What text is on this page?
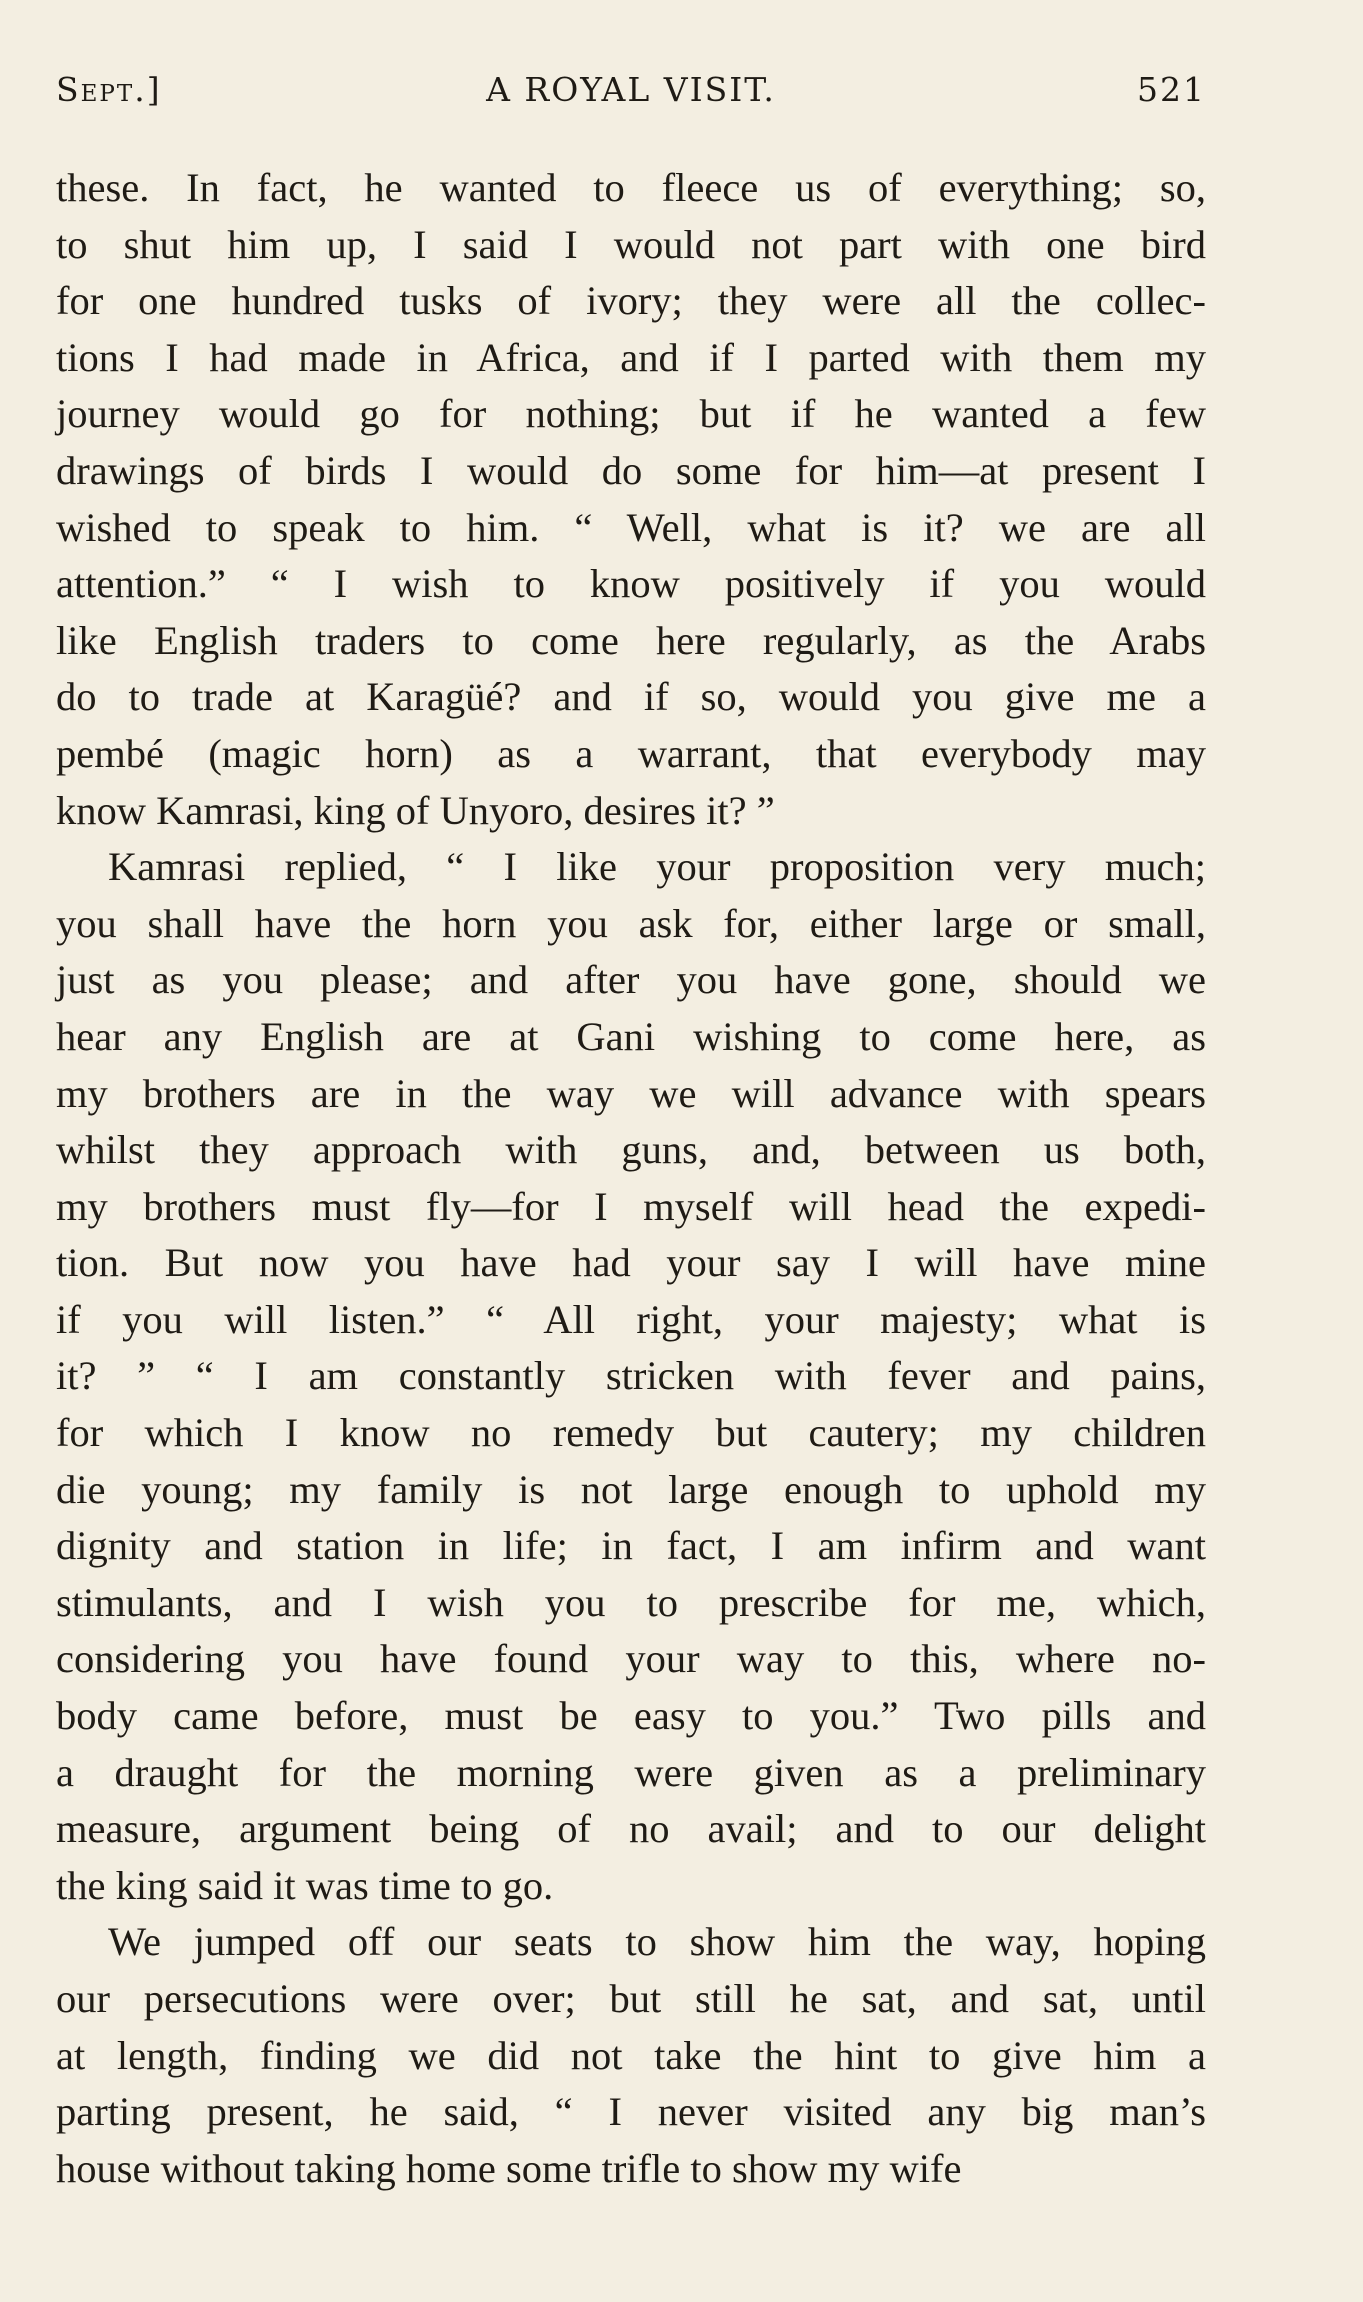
Sept.]	A ROYAL VISIT.	521
these. In fact, he wanted to fleece us of everything; so,
to shut him up, I said I would not part with one bird
for one hundred tusks of ivory; they were all the collec-
tions I had made in Africa, and if I parted with them my
journey would go for nothing; but if he wanted a few
drawings of birds I would do some for him—at present I
wished to speak to him. “ Well, what is it? we are all
attention.” “ I wish to know positively if you would
like English traders to come here regularly, as the Arabs
do to trade at Karagüé? and if so, would you give me a
pembé (magic horn) as a warrant, that everybody may
know Kamrasi, king of Unyoro, desires it? ”
Kamrasi replied, “ I like your proposition very much;
you shall have the horn you ask for, either large or small,
just as you please; and after you have gone, should we
hear any English are at Gani wishing to come here, as
my brothers are in the way we will advance with spears
whilst they approach with guns, and, between us both,
my brothers must fly—for I myself will head the expedi-
tion. But now you have had your say I will have mine
if you will listen.” “ All right, your majesty; what is
it? ” “ I am constantly stricken with fever and pains,
for which I know no remedy but cautery; my children
die young; my family is not large enough to uphold my
dignity and station in life; in fact, I am infirm and want
stimulants, and I wish you to prescribe for me, which,
considering you have found your way to this, where no-
body came before, must be easy to you.” Two pills and
a draught for the morning were given as a preliminary
measure, argument being of no avail; and to our delight
the king said it was time to go.
We jumped off our seats to show him the way, hoping
our persecutions were over; but still he sat, and sat, until
at length, finding we did not take the hint to give him a
parting present, he said, “ I never visited any big man’s
house without taking home some trifle to show my wife
